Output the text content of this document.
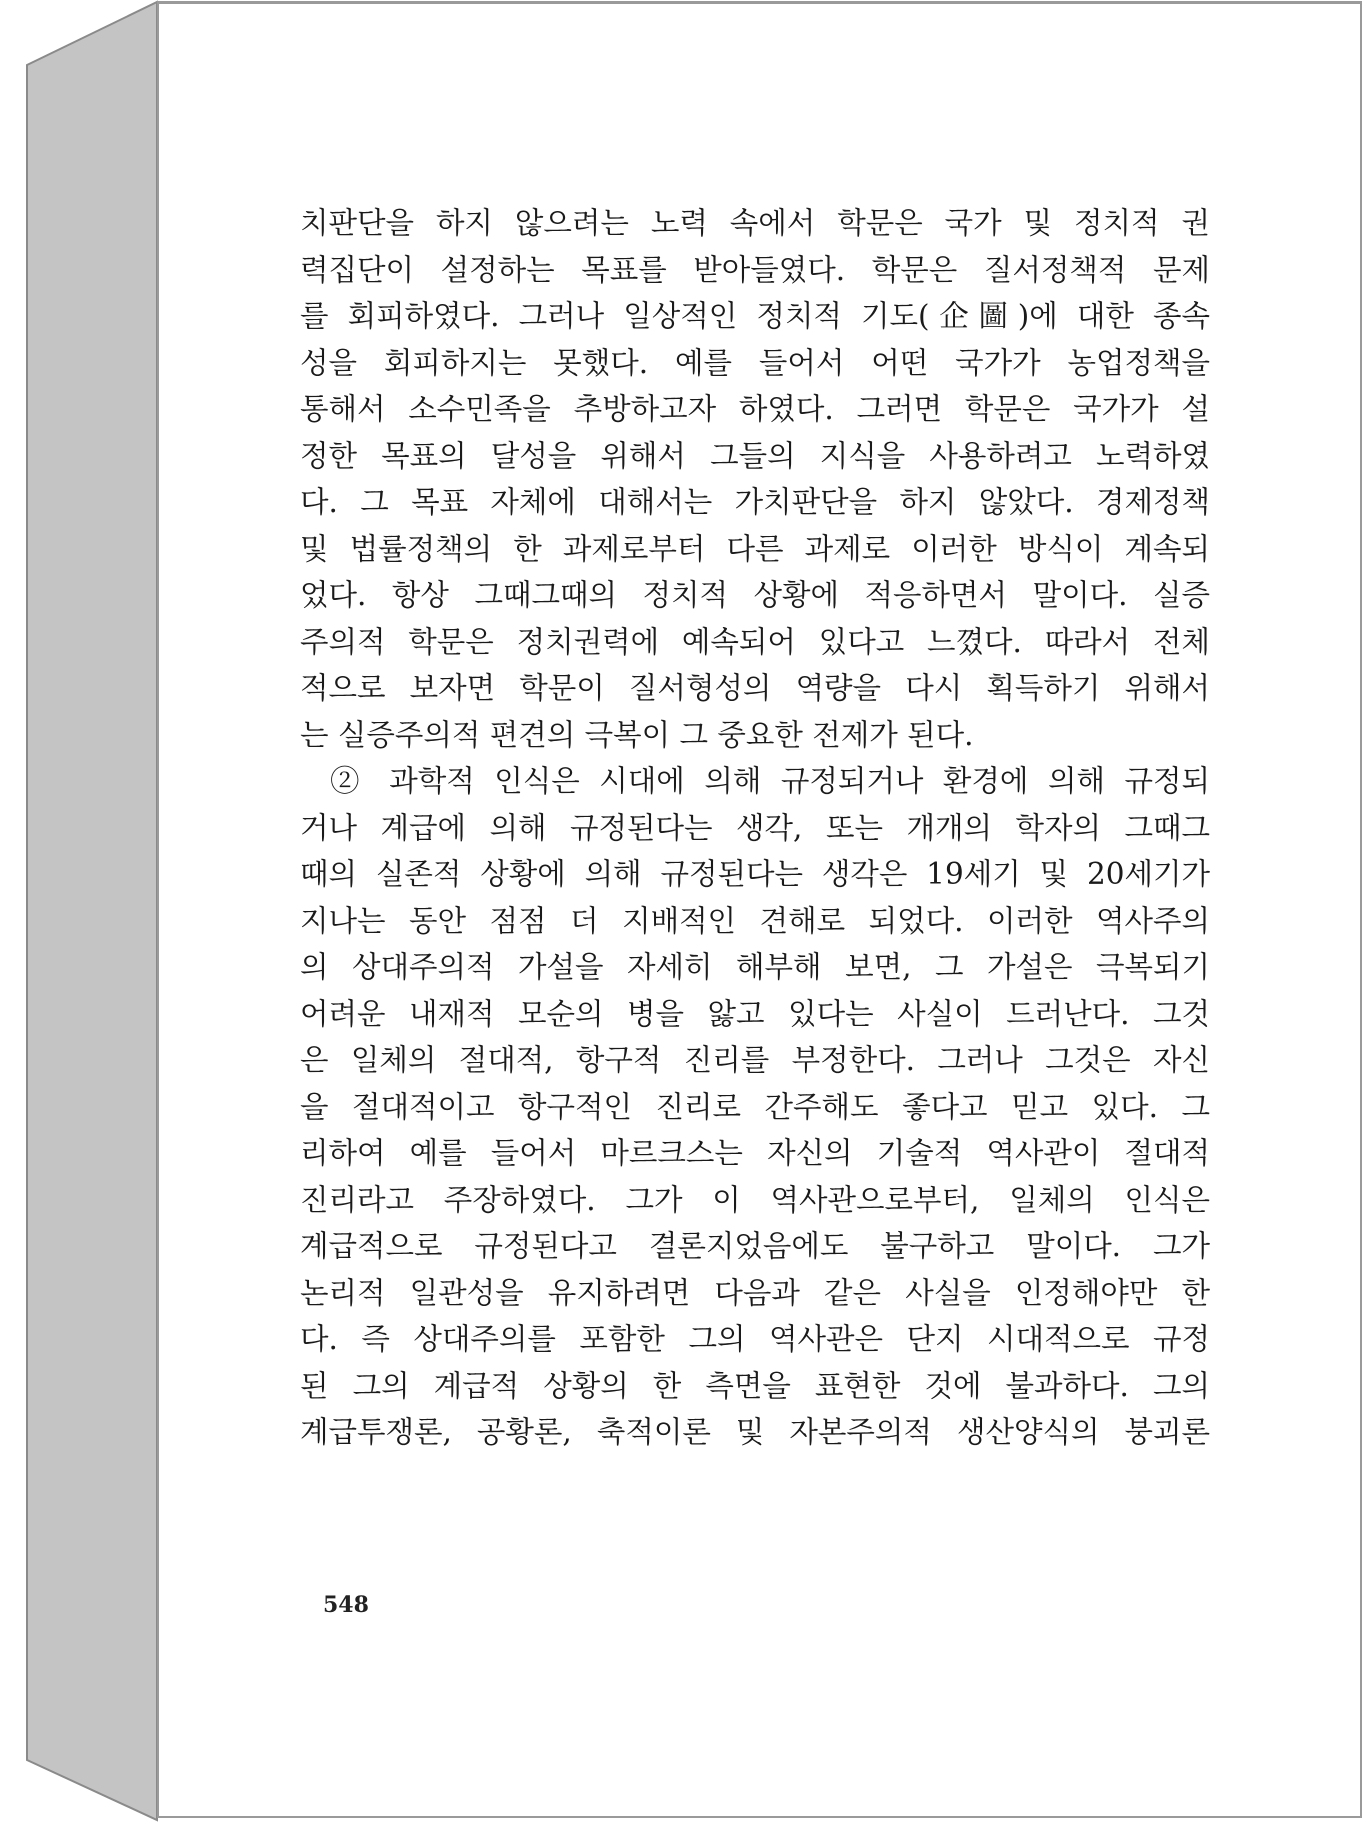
치판단을 하지 않으려는 노력 속에서 학문은 국가 및 정치적 권
력집단이 설정하는 목표를 받아들였다. 학문은 질서정책적 문제
를 회피하였다. 그러나 일상적인 정치적 기도(企圖)에 대한 종속
성을 회피하지는 못했다. 예를 들어서 어떤 국가가 농업정책을
통해서 소수민족을 추방하고자 하였다. 그러면 학문은 국가가 설
정한 목표의 달성을 위해서 그들의 지식을 사용하려고 노력하였
다. 그 목표 자체에 대해서는 가치판단을 하지 않았다. 경제정책
및 법률정책의 한 과제로부터 다른 과제로 이러한 방식이 계속되
었다. 항상 그때그때의 정치적 상황에 적응하면서 말이다. 실증
주의적 학문은 정치권력에 예속되어 있다고 느꼈다. 따라서 전체
적으로 보자면 학문이 질서형성의 역량을 다시 획득하기 위해서
는 실증주의적 편견의 극복이 그 중요한 전제가 된다.
② 과학적 인식은 시대에 의해 규정되거나 환경에 의해 규정되
거나 계급에 의해 규정된다는 생각, 또는 개개의 학자의 그때그
때의 실존적 상황에 의해 규정된다는 생각은 19세기 및 20세기가
지나는 동안 점점 더 지배적인 견해로 되었다. 이러한 역사주의
의 상대주의적 가설을 자세히 해부해 보면, 그 가설은 극복되기
어려운 내재적 모순의 병을 앓고 있다는 사실이 드러난다. 그것
은 일체의 절대적, 항구적 진리를 부정한다. 그러나 그것은 자신
을 절대적이고 항구적인 진리로 간주해도 좋다고 믿고 있다. 그
리하여 예를 들어서 마르크스는 자신의 기술적 역사관이 절대적
진리라고 주장하였다. 그가 이 역사관으로부터, 일체의 인식은
계급적으로 규정된다고 결론지었음에도 불구하고 말이다. 그가
논리적 일관성을 유지하려면 다음과 같은 사실을 인정해야만 한
다. 즉 상대주의를 포함한 그의 역사관은 단지 시대적으로 규정
된 그의 계급적 상황의 한 측면을 표현한 것에 불과하다. 그의
계급투쟁론, 공황론, 축적이론 및 자본주의적 생산양식의 붕괴론
548
